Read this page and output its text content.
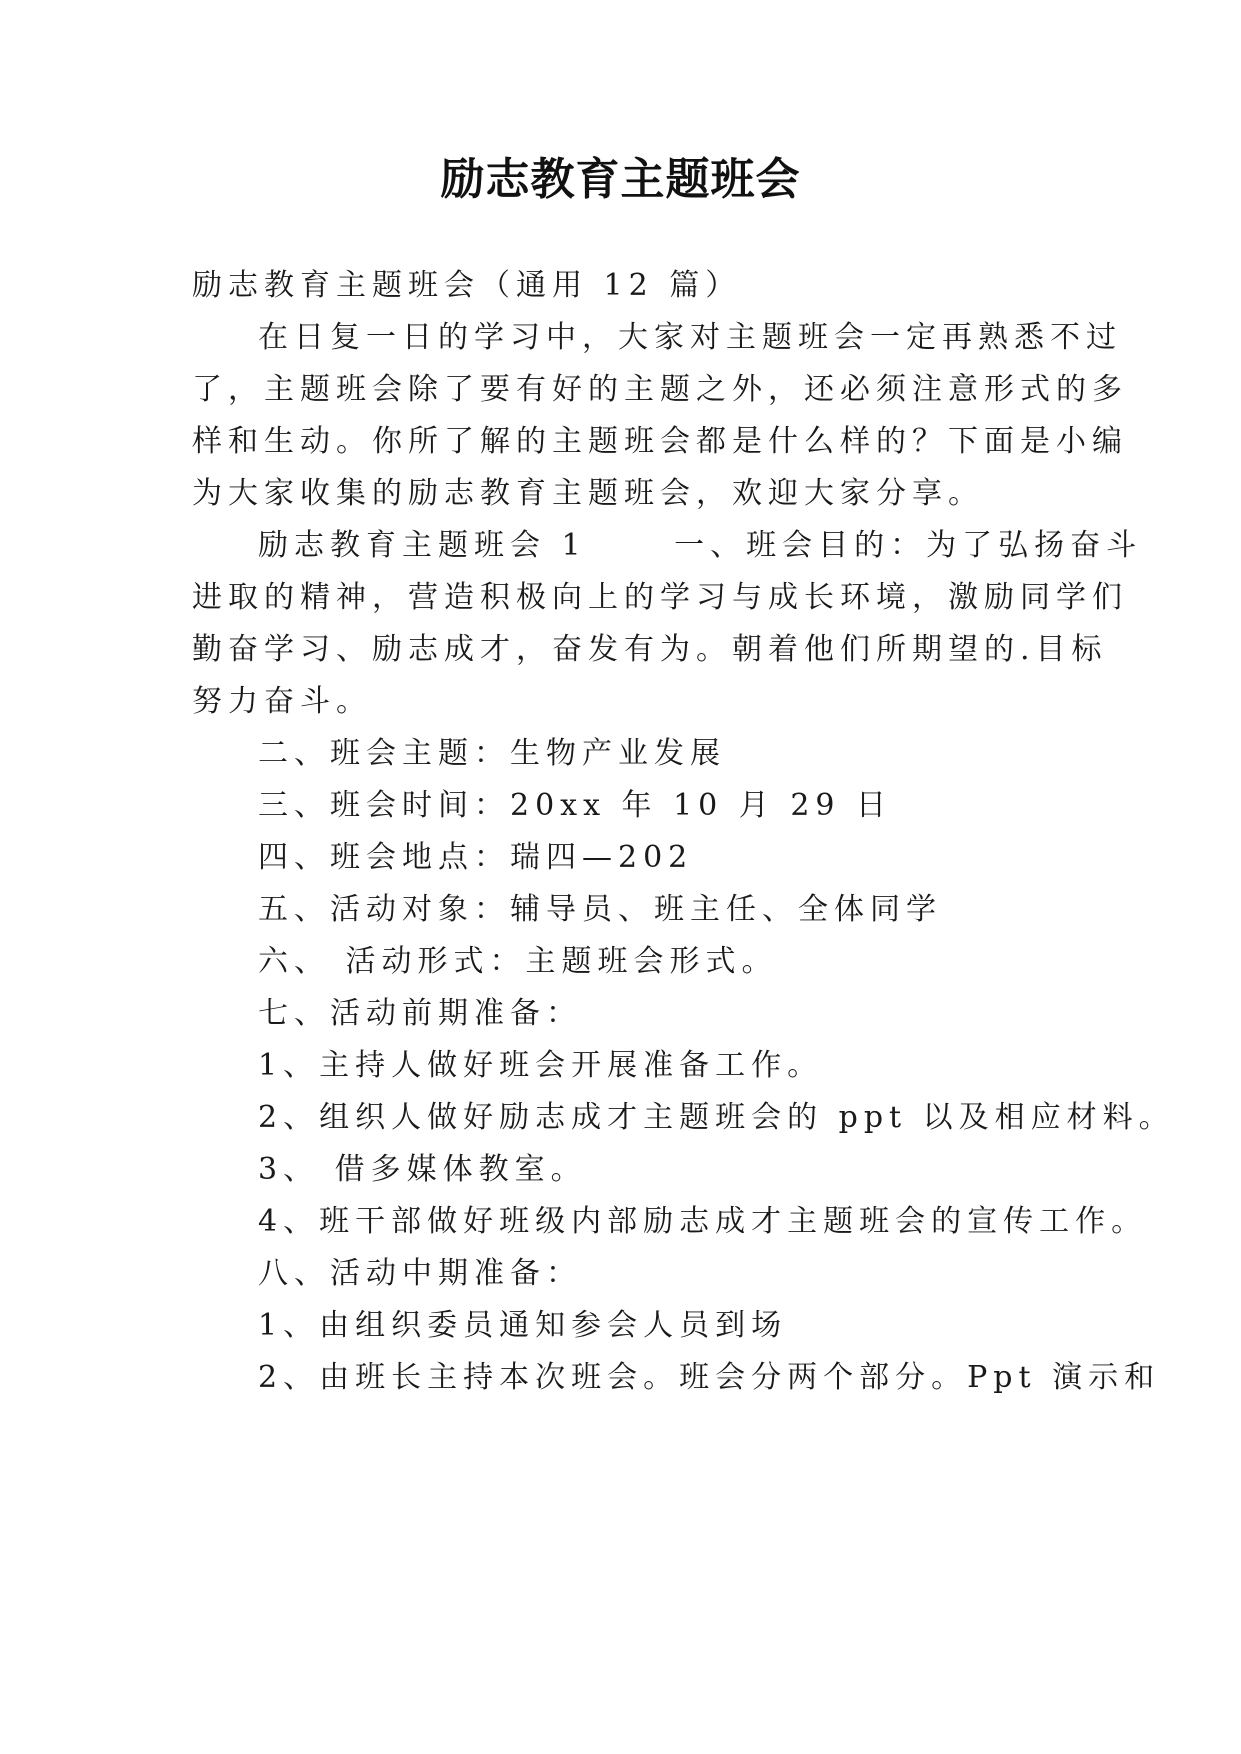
励志教育主题班会
励志教育主题班会（通用 12 篇）
在日复一日的学习中，大家对主题班会一定再熟悉不过
了，主题班会除了要有好的主题之外，还必须注意形式的多
样和生动。你所了解的主题班会都是什么样的？下面是小编
为大家收集的励志教育主题班会，欢迎大家分享。
励志教育主题班会 1　　 一、班会目的：为了弘扬奋斗
进取的精神，营造积极向上的学习与成长环境，激励同学们
勤奋学习、励志成才，奋发有为。朝着他们所期望的.目标
努力奋斗。
二、班会主题：生物产业发展
三、班会时间：20xx 年 10 月 29 日
四、班会地点：瑞四—202
五、活动对象：辅导员、班主任、全体同学
六、 活动形式：主题班会形式。
七、活动前期准备：
1、主持人做好班会开展准备工作。
2、组织人做好励志成才主题班会的 ppt 以及相应材料。
3、 借多媒体教室。
4、班干部做好班级内部励志成才主题班会的宣传工作。
八、活动中期准备：
1、由组织委员通知参会人员到场
2、由班长主持本次班会。班会分两个部分。Ppt 演示和
